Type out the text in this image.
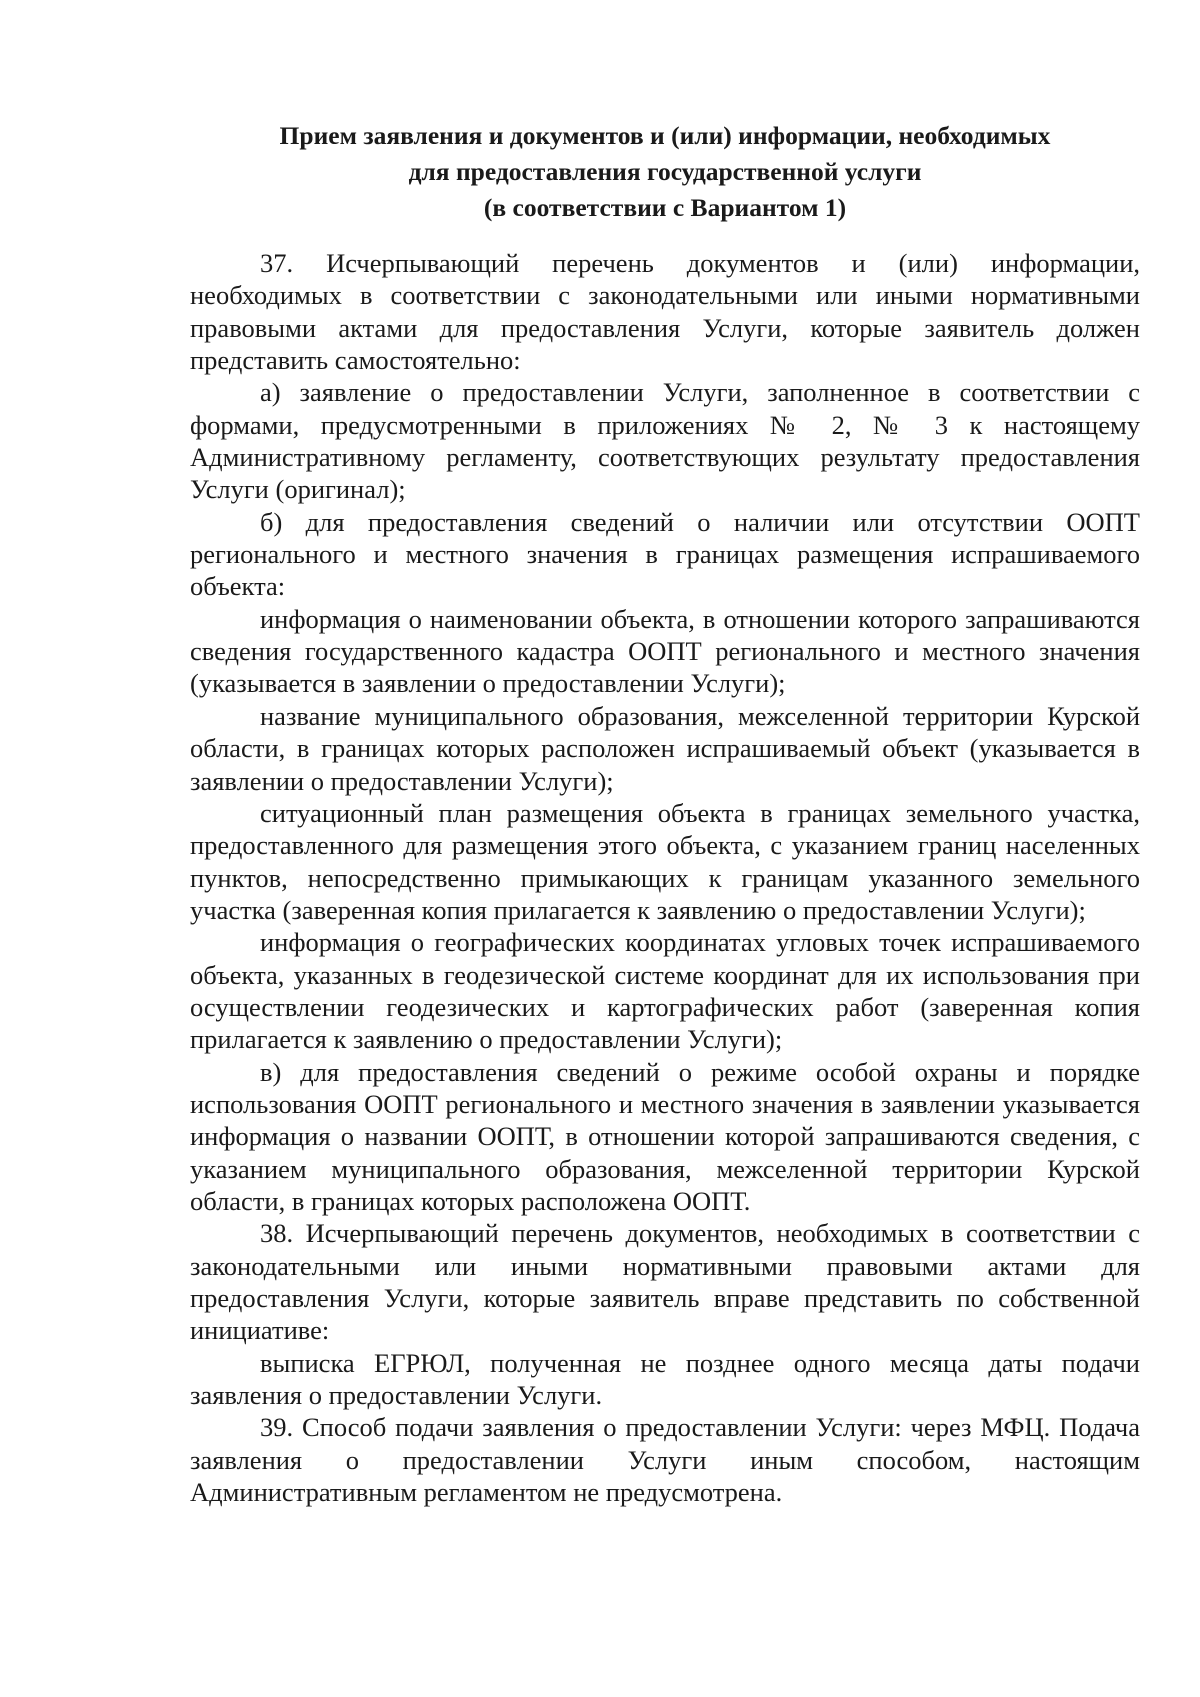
Прием заявления и документов и (или) информации, необходимых
для предоставления государственной услуги
(в соответствии с Вариантом 1)

37. Исчерпывающий перечень документов и (или) информации, необходимых в соответствии с законодательными или иными нормативными правовыми актами для предоставления Услуги, которые заявитель должен представить самостоятельно:

а) заявление о предоставлении Услуги, заполненное в соответствии с формами, предусмотренными в приложениях № 2, № 3 к настоящему Административному регламенту, соответствующих результату предоставления Услуги (оригинал);

б) для предоставления сведений о наличии или отсутствии ООПТ регионального и местного значения в границах размещения испрашиваемого объекта:

информация о наименовании объекта, в отношении которого запрашиваются сведения государственного кадастра ООПТ регионального и местного значения (указывается в заявлении о предоставлении Услуги);

название муниципального образования, межселенной территории Курской области, в границах которых расположен испрашиваемый объект (указывается в заявлении о предоставлении Услуги);

ситуационный план размещения объекта в границах земельного участка, предоставленного для размещения этого объекта, с указанием границ населенных пунктов, непосредственно примыкающих к границам указанного земельного участка (заверенная копия прилагается к заявлению о предоставлении Услуги);

информация о географических координатах угловых точек испрашиваемого объекта, указанных в геодезической системе координат для их использования при осуществлении геодезических и картографических работ (заверенная копия прилагается к заявлению о предоставлении Услуги);

в) для предоставления сведений о режиме особой охраны и порядке использования ООПТ регионального и местного значения в заявлении указывается информация о названии ООПТ, в отношении которой запрашиваются сведения, с указанием муниципального образования, межселенной территории Курской области, в границах которых расположена ООПТ.

38. Исчерпывающий перечень документов, необходимых в соответствии с законодательными или иными нормативными правовыми актами для предоставления Услуги, которые заявитель вправе представить по собственной инициативе:

выписка ЕГРЮЛ, полученная не позднее одного месяца даты подачи заявления о предоставлении Услуги.

39. Способ подачи заявления о предоставлении Услуги: через МФЦ. Подача заявления о предоставлении Услуги иным способом, настоящим Административным регламентом не предусмотрена.
